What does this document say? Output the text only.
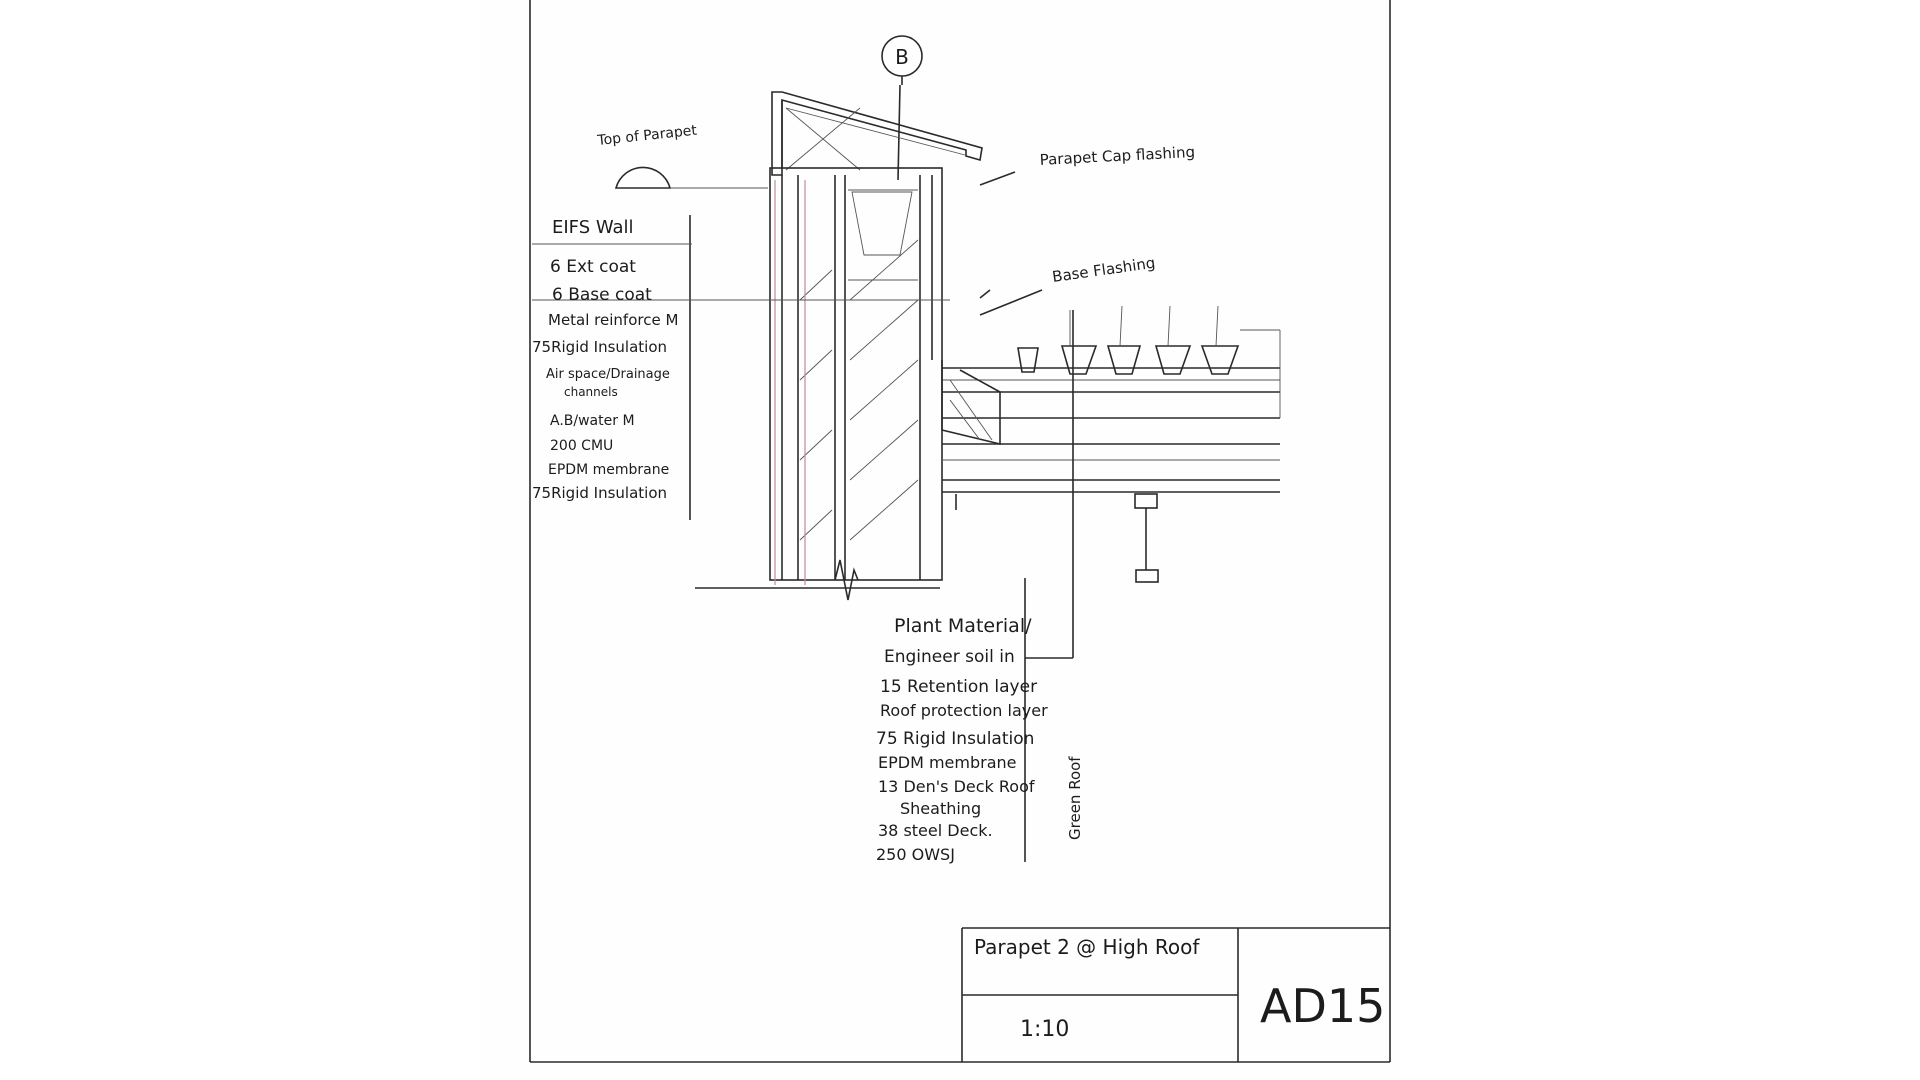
B
Top of Parapet
Parapet Cap flashing
Base Flashing
Green Roof
EIFS Wall
6 Ext coat
6 Base coat
Metal reinforce M
75Rigid Insulation
Air space/Drainage
channels
A.B/water M
200 CMU
EPDM membrane
75Rigid Insulation
Plant Material/
Engineer soil in
15 Retention layer
Roof protection layer
75 Rigid Insulation
EPDM membrane
13 Den's Deck Roof
Sheathing
38 steel Deck.
250 OWSJ
Parapet 2 @ High Roof
1:10	AD15
